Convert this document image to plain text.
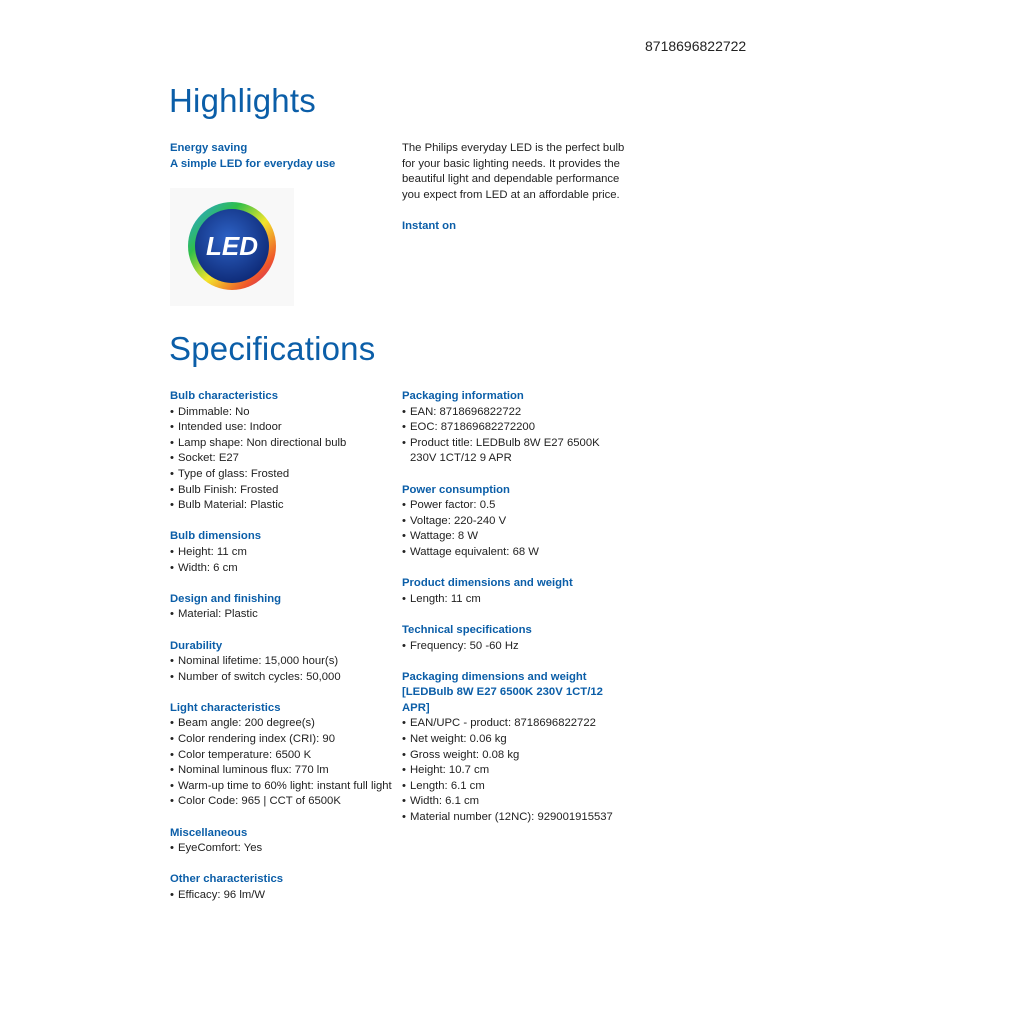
8718696822722
Highlights
Energy saving
A simple LED for everyday use
LED
The Philips everyday LED is the perfect bulb for your basic lighting needs. It provides the beautiful light and dependable performance you expect from LED at an affordable price.
Instant on
Specifications
Bulb characteristics
• Dimmable: No
• Intended use: Indoor
• Lamp shape: Non directional bulb
• Socket: E27
• Type of glass: Frosted
• Bulb Finish: Frosted
• Bulb Material: Plastic
Bulb dimensions
• Height: 11 cm
• Width: 6 cm
Design and finishing
• Material: Plastic
Durability
• Nominal lifetime: 15,000 hour(s)
• Number of switch cycles: 50,000
Light characteristics
• Beam angle: 200 degree(s)
• Color rendering index (CRI): 90
• Color temperature: 6500 K
• Nominal luminous flux: 770 lm
• Warm-up time to 60% light: instant full light
• Color Code: 965 | CCT of 6500K
Miscellaneous
• EyeComfort: Yes
Other characteristics
• Efficacy: 96 lm/W
Packaging information
• EAN: 8718696822722
• EOC: 871869682272200
• Product title: LEDBulb 8W E27 6500K 230V 1CT/12 9 APR
Power consumption
• Power factor: 0.5
• Voltage: 220-240 V
• Wattage: 8 W
• Wattage equivalent: 68 W
Product dimensions and weight
• Length: 11 cm
Technical specifications
• Frequency: 50 -60 Hz
Packaging dimensions and weight [LEDBulb 8W E27 6500K 230V 1CT/12 APR]
• EAN/UPC - product: 8718696822722
• Net weight: 0.06 kg
• Gross weight: 0.08 kg
• Height: 10.7 cm
• Length: 6.1 cm
• Width: 6.1 cm
• Material number (12NC): 929001915537
